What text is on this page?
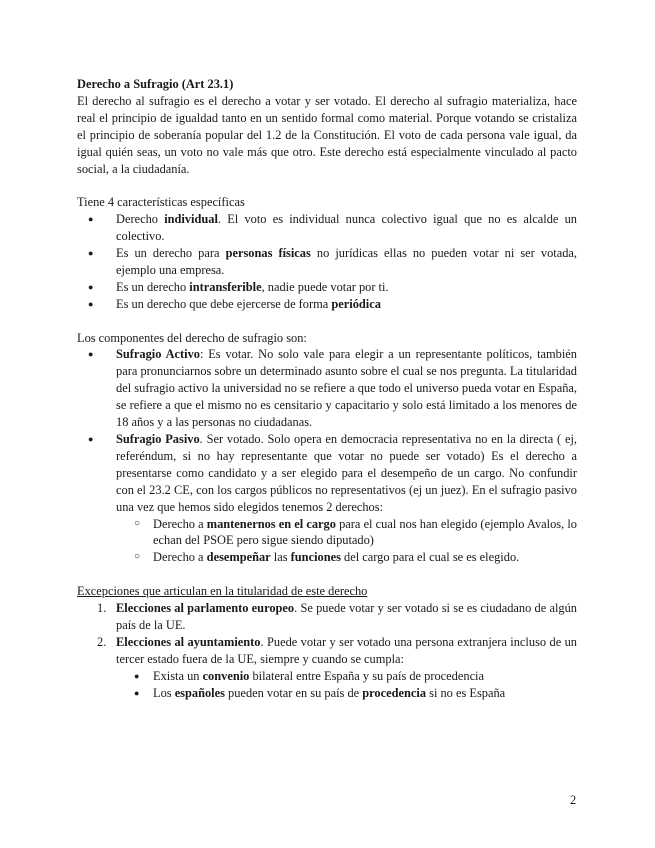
Derecho a Sufragio (Art 23.1)

El derecho al sufragio es el derecho a votar y ser votado. El derecho al sufragio materializa, hace real el principio de igualdad tanto en un sentido formal como material. Porque votando se cristaliza el principio de soberanía popular del 1.2 de la Constitución. El voto de cada persona vale igual, da igual quién seas, un voto no vale más que otro. Este derecho está especialmente vinculado al pacto social, a la ciudadanía.

Tiene 4 características específicas

● Derecho individual. El voto es individual nunca colectivo igual que no es alcalde un colectivo.
● Es un derecho para personas físicas no jurídicas ellas no pueden votar ni ser votada, ejemplo una empresa.
● Es un derecho intransferible, nadie puede votar por ti.
● Es un derecho que debe ejercerse de forma periódica

Los componentes del derecho de sufragio son:

● Sufragio Activo: Es votar. No solo vale para elegir a un representante políticos, también para pronunciarnos sobre un determinado asunto sobre el cual se nos pregunta. La titularidad del sufragio activo la universidad no se refiere a que todo el universo pueda votar en España, se refiere a que el mismo no es censitario y capacitario y solo está limitado a los menores de 18 años y a las personas no ciudadanas.
● Sufragio Pasivo. Ser votado. Solo opera en democracia representativa no en la directa ( ej, referéndum, si no hay representante que votar no puede ser votado) Es el derecho a presentarse como candidato y a ser elegido para el desempeño de un cargo. No confundir con el 23.2 CE, con los cargos públicos no representativos (ej un juez). En el sufragio pasivo una vez que hemos sido elegidos tenemos 2 derechos:
○ Derecho a mantenernos en el cargo para el cual nos han elegido (ejemplo Avalos, lo echan del PSOE pero sigue siendo diputado)
○ Derecho a desempeñar las funciones del cargo para el cual se es elegido.

Excepciones que articulan en la titularidad de este derecho

1. Elecciones al parlamento europeo. Se puede votar y ser votado si se es ciudadano de algún país de la UE.
2. Elecciones al ayuntamiento. Puede votar y ser votado una persona extranjera incluso de un tercer estado fuera de la UE, siempre y cuando se cumpla:
● Exista un convenio bilateral entre España y su país de procedencia
● Los españoles pueden votar en su país de procedencia si no es España
2
